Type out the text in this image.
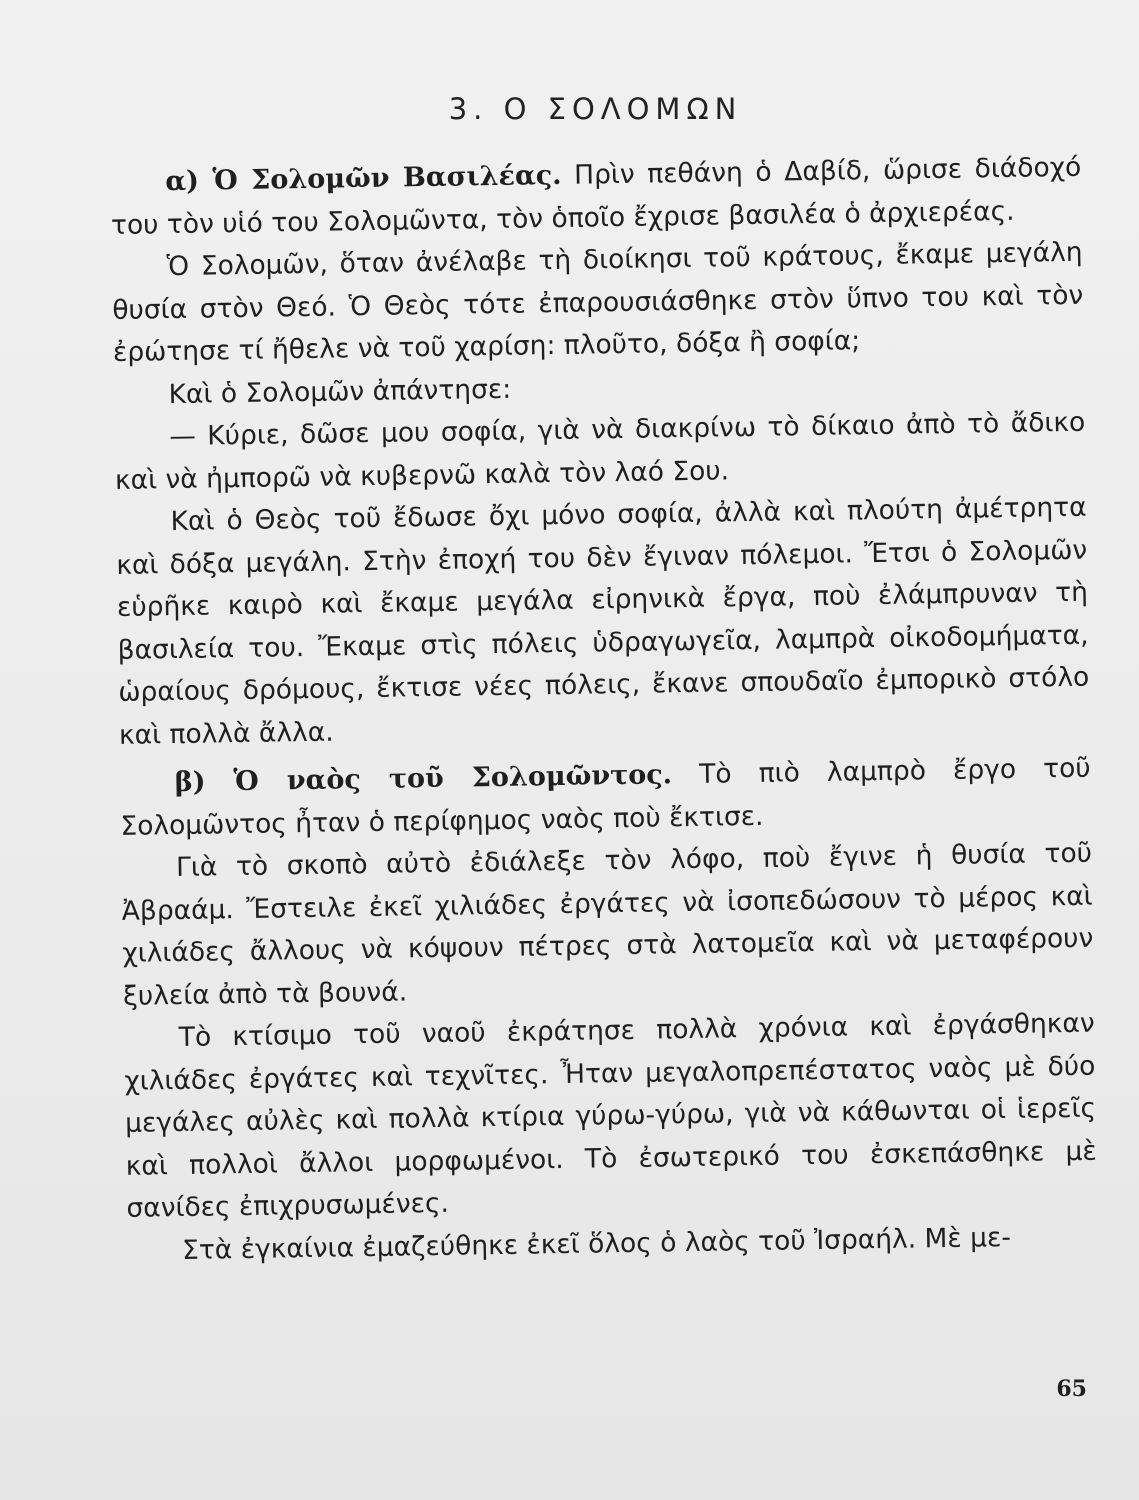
3. Ο ΣΟΛΟΜΩΝ

α) Ὁ Σολομῶν Βασιλέας. Πρὶν πεθάνη ὁ Δαβίδ, ὥρισε διάδοχό του τὸν υἱό του Σολομῶντα, τὸν ὁποῖο ἔχρισε βασιλέα ὁ ἀρχιερέας.

Ὁ Σολομῶν, ὅταν ἀνέλαβε τὴ διοίκησι τοῦ κράτους, ἔκαμε μεγάλη θυσία στὸν Θεό. Ὁ Θεὸς τότε ἐπαρουσιάσθηκε στὸν ὕπνο του καὶ τὸν ἐρώτησε τί ἤθελε νὰ τοῦ χαρίση: πλοῦτο, δόξα ἢ σοφία;

Καὶ ὁ Σολομῶν ἀπάντησε:

— Κύριε, δῶσε μου σοφία, γιὰ νὰ διακρίνω τὸ δίκαιο ἀπὸ τὸ ἄδικο καὶ νὰ ἠμπορῶ νὰ κυβερνῶ καλὰ τὸν λαό Σου.

Καὶ ὁ Θεὸς τοῦ ἔδωσε ὄχι μόνο σοφία, ἀλλὰ καὶ πλούτη ἀμέτρητα καὶ δόξα μεγάλη. Στὴν ἐποχή του δὲν ἔγιναν πόλεμοι. Ἔτσι ὁ Σολομῶν εὑρῆκε καιρὸ καὶ ἔκαμε μεγάλα εἰρηνικὰ ἔργα, ποὺ ἐλάμπρυναν τὴ βασιλεία του. Ἔκαμε στὶς πόλεις ὑδραγωγεῖα, λαμπρὰ οἰκοδομήματα, ὡραίους δρόμους, ἔκτισε νέες πόλεις, ἔκανε σπουδαῖο ἐμπορικὸ στόλο καὶ πολλὰ ἄλλα.

β) Ὁ ναὸς τοῦ Σολομῶντος. Τὸ πιὸ λαμπρὸ ἔργο τοῦ Σολομῶντος ἦταν ὁ περίφημος ναὸς ποὺ ἔκτισε.

Γιὰ τὸ σκοπὸ αὐτὸ ἐδιάλεξε τὸν λόφο, ποὺ ἔγινε ἡ θυσία τοῦ Ἀβραάμ. Ἔστειλε ἐκεῖ χιλιάδες ἐργάτες νὰ ἰσοπεδώσουν τὸ μέρος καὶ χιλιάδες ἄλλους νὰ κόψουν πέτρες στὰ λατομεῖα καὶ νὰ μεταφέρουν ξυλεία ἀπὸ τὰ βουνά.

Τὸ κτίσιμο τοῦ ναοῦ ἐκράτησε πολλὰ χρόνια καὶ ἐργάσθηκαν χιλιάδες ἐργάτες καὶ τεχνῖτες. Ἦταν μεγαλοπρεπέστατος ναὸς μὲ δύο μεγάλες αὐλὲς καὶ πολλὰ κτίρια γύρω-γύρω, γιὰ νὰ κάθωνται οἱ ἱερεῖς καὶ πολλοὶ ἄλλοι μορφωμένοι. Τὸ ἐσωτερικό του ἐσκεπάσθηκε μὲ σανίδες ἐπιχρυσωμένες.

Στὰ ἐγκαίνια ἐμαζεύθηκε ἐκεῖ ὅλος ὁ λαὸς τοῦ Ἰσραήλ. Μὲ με-

65
